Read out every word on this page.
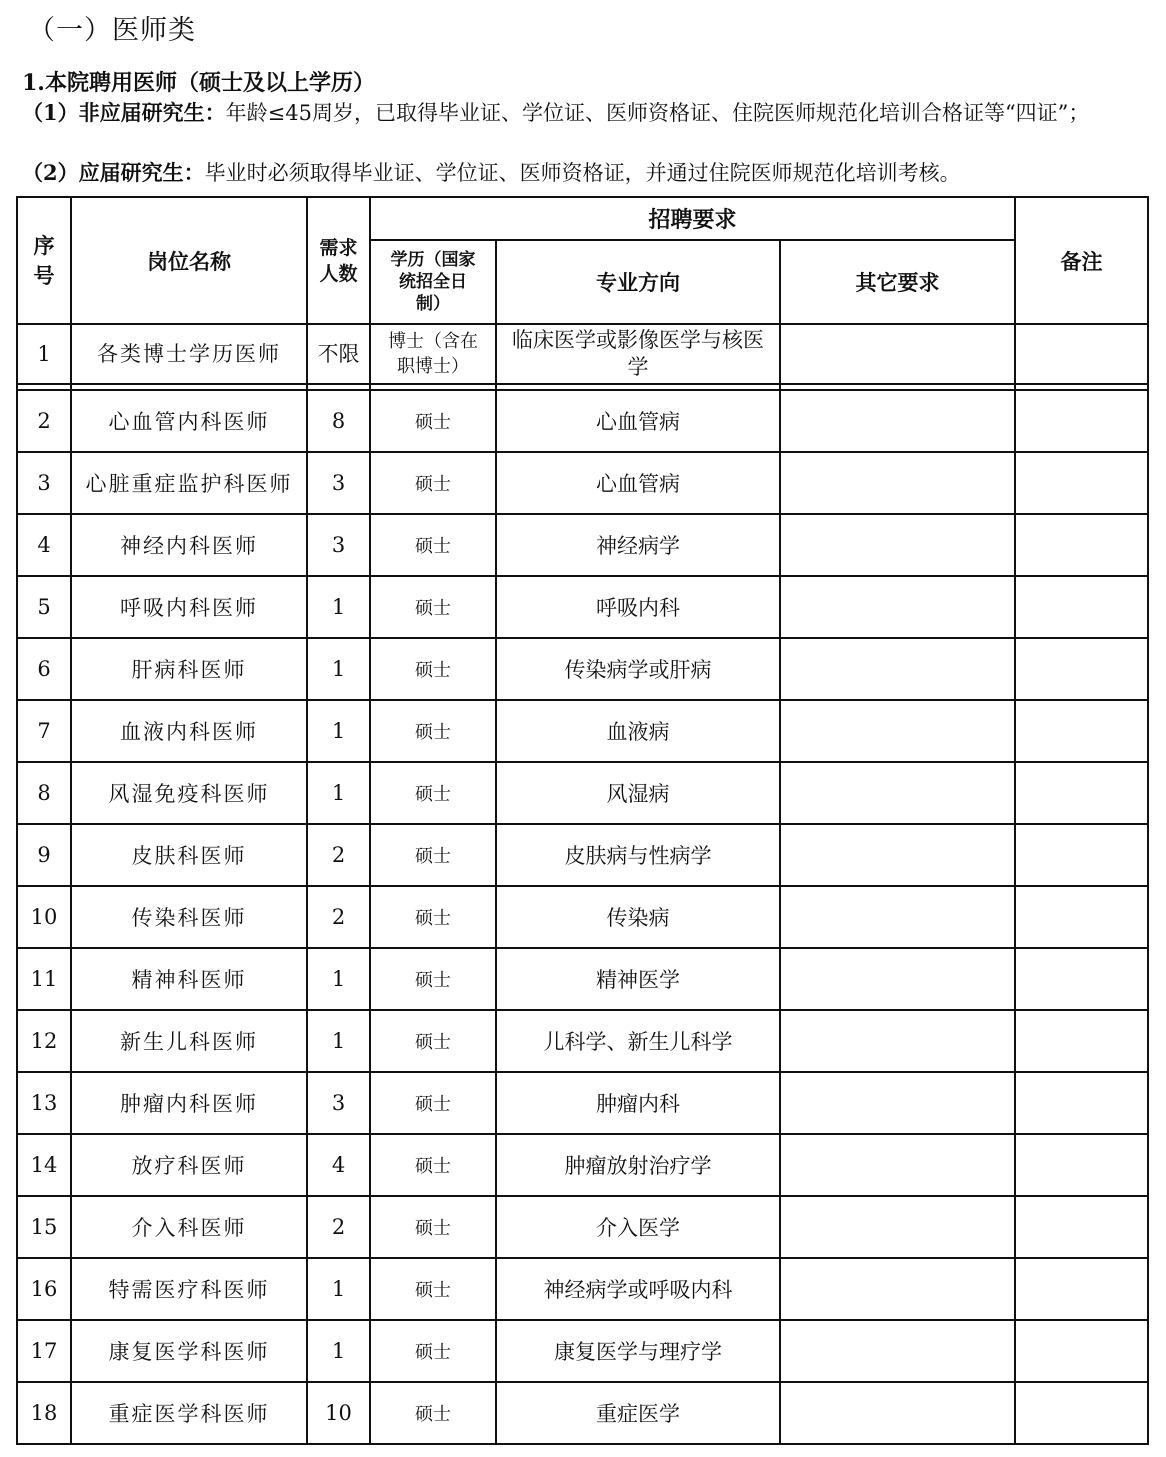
（一）医师类
1.本院聘用医师（硕士及以上学历）
（1）非应届研究生：年龄≤45周岁，已取得毕业证、学位证、医师资格证、住院医师规范化培训合格证等“四证”；
（2）应届研究生：毕业时必须取得毕业证、学位证、医师资格证，并通过住院医师规范化培训考核。
序号	岗位名称	需求人数	招聘要求			备注
			学历（国家统招全日制）	专业方向	其它要求	
1	各类博士学历医师	不限	博士（含在职博士）	临床医学或影像医学与核医学		

2	心血管内科医师	8	硕士	心血管病		
3	心脏重症监护科医师	3	硕士	心血管病		
4	神经内科医师	3	硕士	神经病学		
5	呼吸内科医师	1	硕士	呼吸内科		
6	肝病科医师	1	硕士	传染病学或肝病		
7	血液内科医师	1	硕士	血液病		
8	风湿免疫科医师	1	硕士	风湿病		
9	皮肤科医师	2	硕士	皮肤病与性病学		
10	传染科医师	2	硕士	传染病		
11	精神科医师	1	硕士	精神医学		
12	新生儿科医师	1	硕士	儿科学、新生儿科学		
13	肿瘤内科医师	3	硕士	肿瘤内科		
14	放疗科医师	4	硕士	肿瘤放射治疗学		
15	介入科医师	2	硕士	介入医学		
16	特需医疗科医师	1	硕士	神经病学或呼吸内科		
17	康复医学科医师	1	硕士	康复医学与理疗学		
18	重症医学科医师	10	硕士	重症医学		
